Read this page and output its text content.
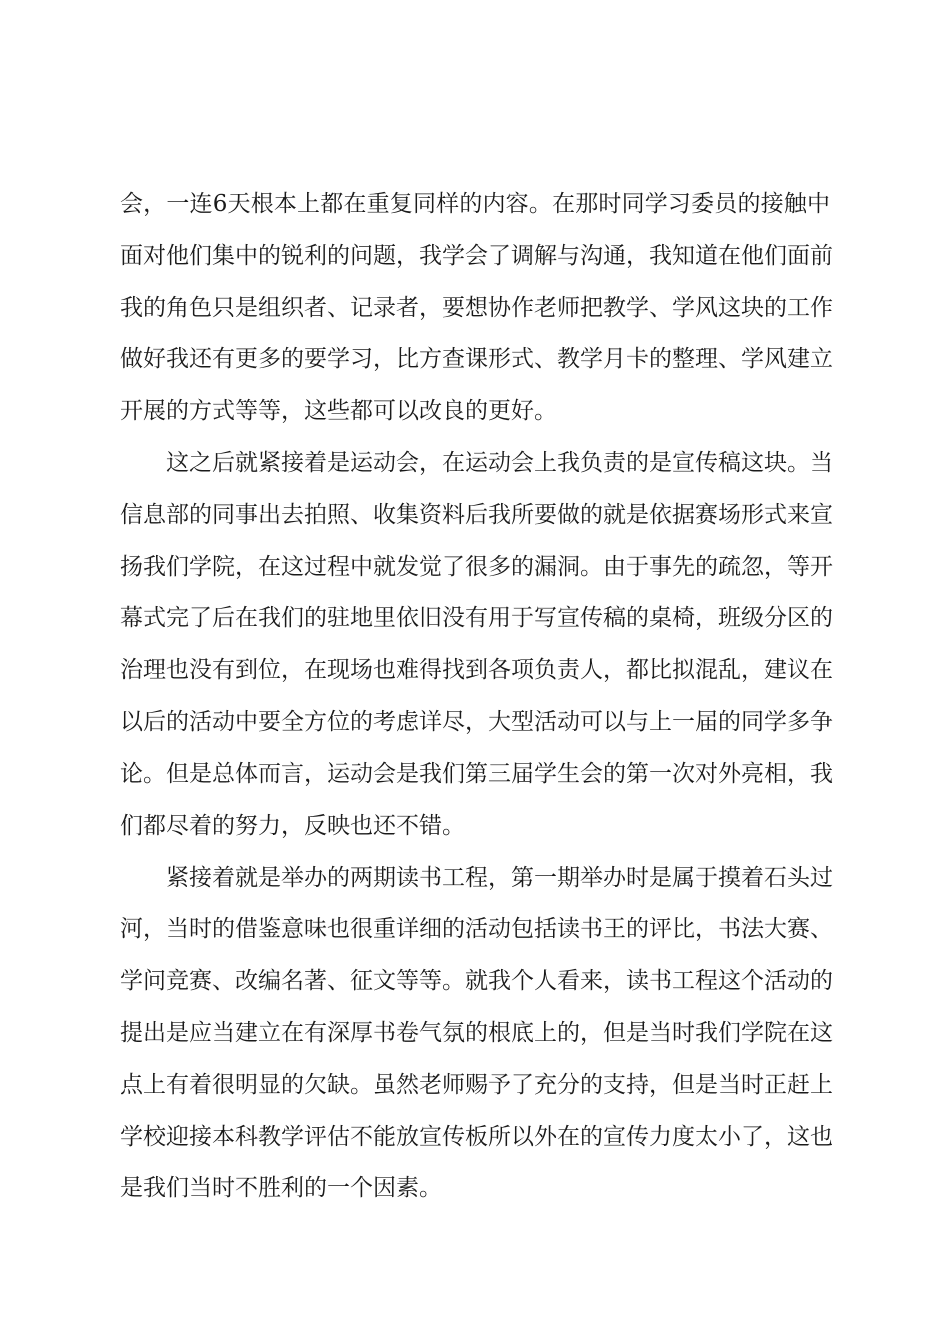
会，一连6天根本上都在重复同样的内容。在那时同学习委员的接触中
面对他们集中的锐利的问题，我学会了调解与沟通，我知道在他们面前
我的角色只是组织者、记录者，要想协作老师把教学、学风这块的工作
做好我还有更多的要学习，比方查课形式、教学月卡的整理、学风建立
开展的方式等等，这些都可以改良的更好。
这之后就紧接着是运动会，在运动会上我负责的是宣传稿这块。当
信息部的同事出去拍照、收集资料后我所要做的就是依据赛场形式来宣
扬我们学院，在这过程中就发觉了很多的漏洞。由于事先的疏忽，等开
幕式完了后在我们的驻地里依旧没有用于写宣传稿的桌椅，班级分区的
治理也没有到位，在现场也难得找到各项负责人，都比拟混乱，建议在
以后的活动中要全方位的考虑详尽，大型活动可以与上一届的同学多争
论。但是总体而言，运动会是我们第三届学生会的第一次对外亮相，我
们都尽着的努力，反映也还不错。
紧接着就是举办的两期读书工程，第一期举办时是属于摸着石头过
河，当时的借鉴意味也很重详细的活动包括读书王的评比，书法大赛、
学问竞赛、改编名著、征文等等。就我个人看来，读书工程这个活动的
提出是应当建立在有深厚书卷气氛的根底上的，但是当时我们学院在这
点上有着很明显的欠缺。虽然老师赐予了充分的支持，但是当时正赶上
学校迎接本科教学评估不能放宣传板所以外在的宣传力度太小了，这也
是我们当时不胜利的一个因素。
